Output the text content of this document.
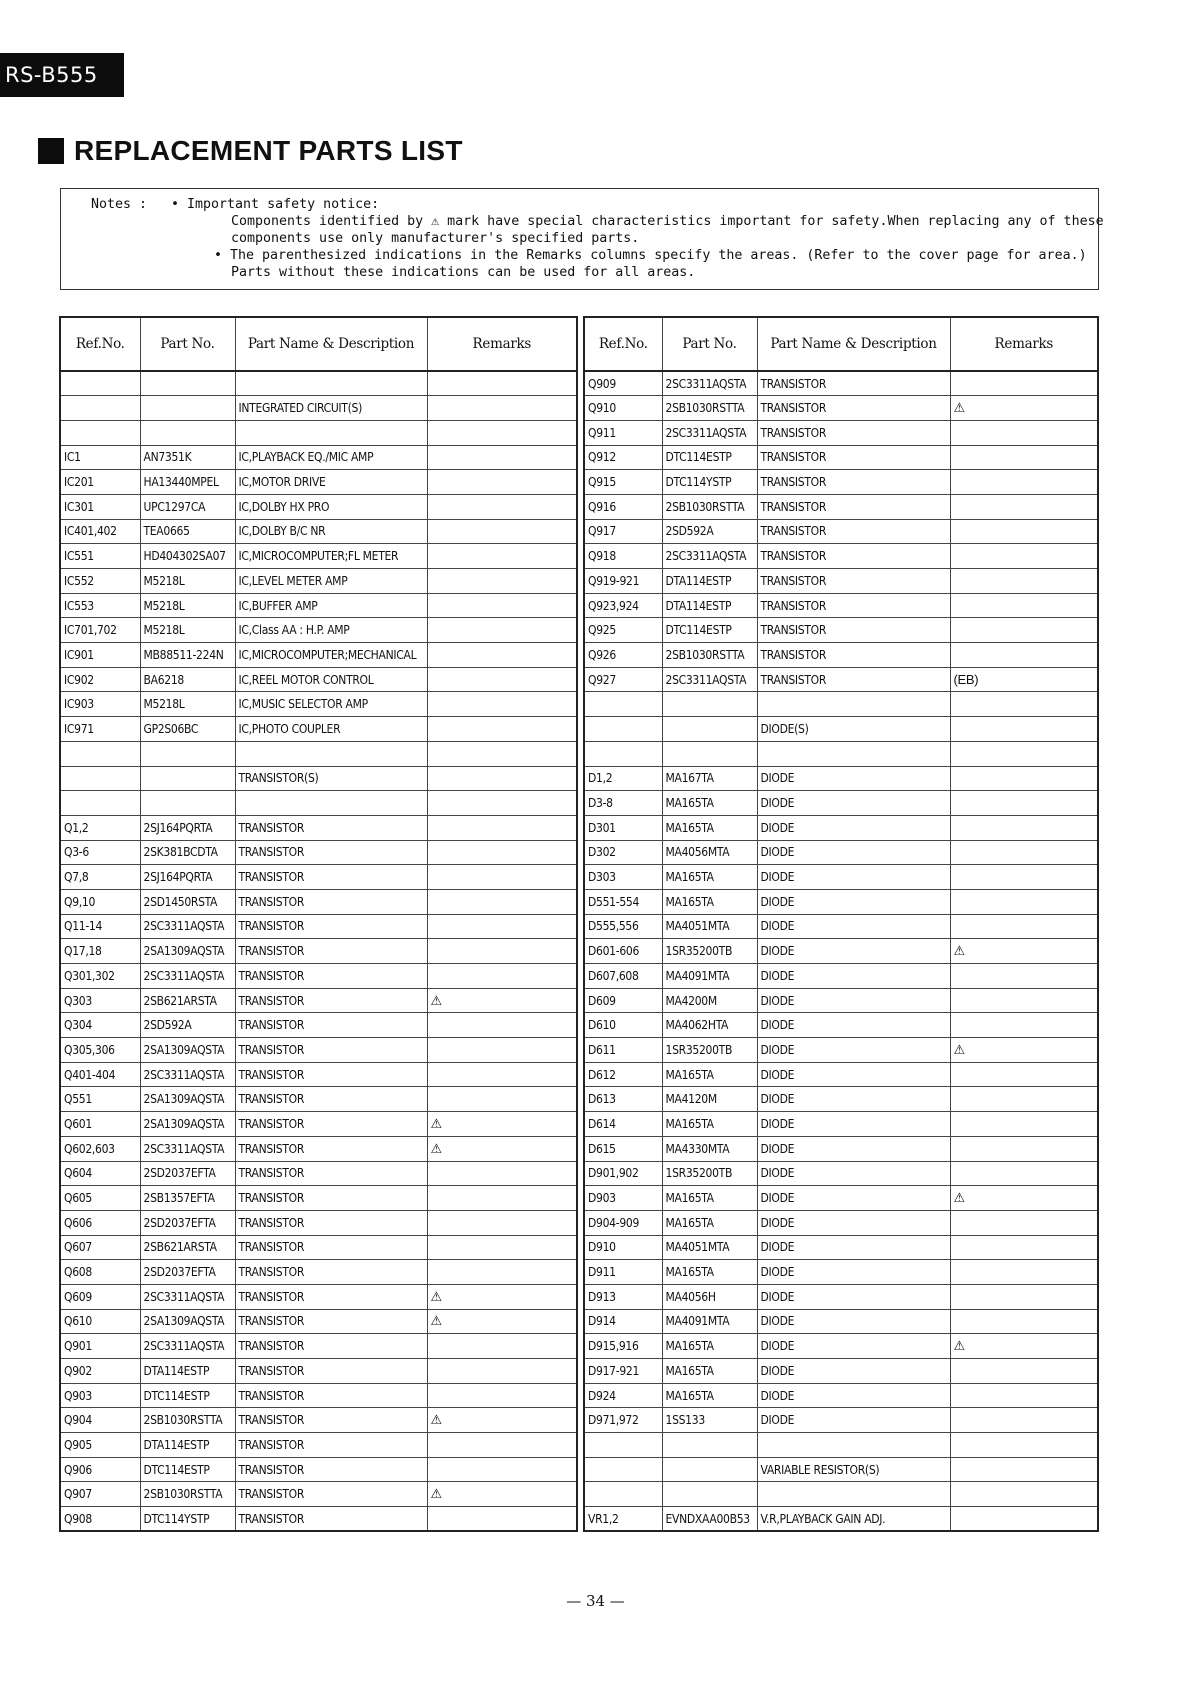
RS-B555
REPLACEMENT PARTS LIST
Notes : • Important safety notice:
Components identified by ⚠ mark have special characteristics important for safety.When replacing any of these
components use only manufacturer's specified parts.
• The parenthesized indications in the Remarks columns specify the areas. (Refer to the cover page for area.)
Parts without these indications can be used for all areas.
Ref.No.	Part No.	Part Name & Description	Remarks

		INTEGRATED CIRCUIT(S)	

IC1	AN7351K	IC,PLAYBACK EQ./MIC AMP	
IC201	HA13440MPEL	IC,MOTOR DRIVE	
IC301	UPC1297CA	IC,DOLBY HX PRO	
IC401,402	TEA0665	IC,DOLBY B/C NR	
IC551	HD404302SA07	IC,MICROCOMPUTER;FL METER	
IC552	M5218L	IC,LEVEL METER AMP	
IC553	M5218L	IC,BUFFER AMP	
IC701,702	M5218L	IC,Class AA : H.P. AMP	
IC901	MB88511-224N	IC,MICROCOMPUTER;MECHANICAL	
IC902	BA6218	IC,REEL MOTOR CONTROL	
IC903	M5218L	IC,MUSIC SELECTOR AMP	
IC971	GP2S06BC	IC,PHOTO COUPLER	

		TRANSISTOR(S)	

Q1,2	2SJ164PQRTA	TRANSISTOR	
Q3-6	2SK381BCDTA	TRANSISTOR	
Q7,8	2SJ164PQRTA	TRANSISTOR	
Q9,10	2SD1450RSTA	TRANSISTOR	
Q11-14	2SC3311AQSTA	TRANSISTOR	
Q17,18	2SA1309AQSTA	TRANSISTOR	
Q301,302	2SC3311AQSTA	TRANSISTOR	
Q303	2SB621ARSTA	TRANSISTOR	⚠
Q304	2SD592A	TRANSISTOR	
Q305,306	2SA1309AQSTA	TRANSISTOR	
Q401-404	2SC3311AQSTA	TRANSISTOR	
Q551	2SA1309AQSTA	TRANSISTOR	
Q601	2SA1309AQSTA	TRANSISTOR	⚠
Q602,603	2SC3311AQSTA	TRANSISTOR	⚠
Q604	2SD2037EFTA	TRANSISTOR	
Q605	2SB1357EFTA	TRANSISTOR	
Q606	2SD2037EFTA	TRANSISTOR	
Q607	2SB621ARSTA	TRANSISTOR	
Q608	2SD2037EFTA	TRANSISTOR	
Q609	2SC3311AQSTA	TRANSISTOR	⚠
Q610	2SA1309AQSTA	TRANSISTOR	⚠
Q901	2SC3311AQSTA	TRANSISTOR	
Q902	DTA114ESTP	TRANSISTOR	
Q903	DTC114ESTP	TRANSISTOR	
Q904	2SB1030RSTTA	TRANSISTOR	⚠
Q905	DTA114ESTP	TRANSISTOR	
Q906	DTC114ESTP	TRANSISTOR	
Q907	2SB1030RSTTA	TRANSISTOR	⚠
Q908	DTC114YSTP	TRANSISTOR	
Ref.No.	Part No.	Part Name & Description	Remarks
Q909	2SC3311AQSTA	TRANSISTOR	
Q910	2SB1030RSTTA	TRANSISTOR	⚠
Q911	2SC3311AQSTA	TRANSISTOR	
Q912	DTC114ESTP	TRANSISTOR	
Q915	DTC114YSTP	TRANSISTOR	
Q916	2SB1030RSTTA	TRANSISTOR	
Q917	2SD592A	TRANSISTOR	
Q918	2SC3311AQSTA	TRANSISTOR	
Q919-921	DTA114ESTP	TRANSISTOR	
Q923,924	DTA114ESTP	TRANSISTOR	
Q925	DTC114ESTP	TRANSISTOR	
Q926	2SB1030RSTTA	TRANSISTOR	
Q927	2SC3311AQSTA	TRANSISTOR	(EB)

		DIODE(S)	

D1,2	MA167TA	DIODE	
D3-8	MA165TA	DIODE	
D301	MA165TA	DIODE	
D302	MA4056MTA	DIODE	
D303	MA165TA	DIODE	
D551-554	MA165TA	DIODE	
D555,556	MA4051MTA	DIODE	
D601-606	1SR35200TB	DIODE	⚠
D607,608	MA4091MTA	DIODE	
D609	MA4200M	DIODE	
D610	MA4062HTA	DIODE	
D611	1SR35200TB	DIODE	⚠
D612	MA165TA	DIODE	
D613	MA4120M	DIODE	
D614	MA165TA	DIODE	
D615	MA4330MTA	DIODE	
D901,902	1SR35200TB	DIODE	
D903	MA165TA	DIODE	⚠
D904-909	MA165TA	DIODE	
D910	MA4051MTA	DIODE	
D911	MA165TA	DIODE	
D913	MA4056H	DIODE	
D914	MA4091MTA	DIODE	
D915,916	MA165TA	DIODE	⚠
D917-921	MA165TA	DIODE	
D924	MA165TA	DIODE	
D971,972	1SS133	DIODE	

		VARIABLE RESISTOR(S)	

VR1,2	EVNDXAA00B53	V.R,PLAYBACK GAIN ADJ.	
— 34 —
